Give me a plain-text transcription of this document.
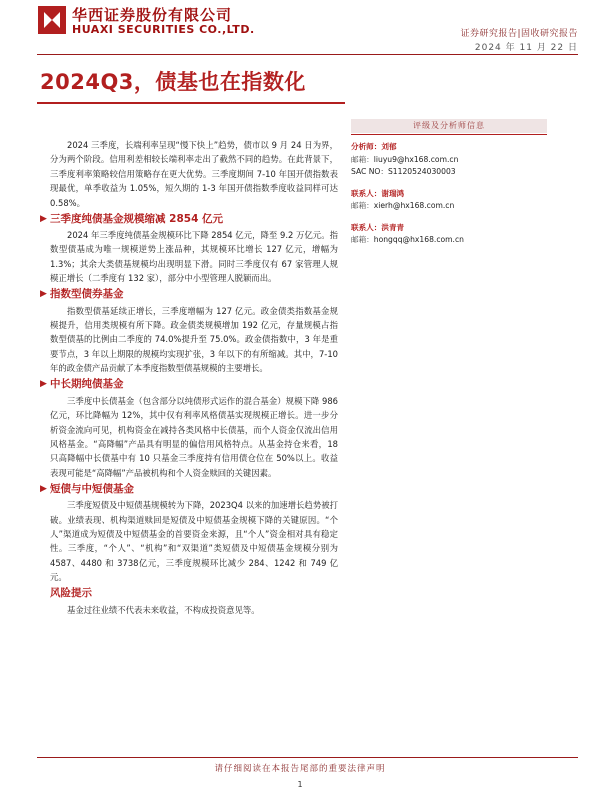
华西证券股份有限公司
HUAXI SECURITIES CO.,LTD.	证券研究报告|固收研究报告
2024 年 11 月 22 日
2024Q3，债基也在指数化

2024 三季度，长端利率呈现“慢下快上”趋势，债市以 9 月 24 日为界，分为两个阶段。信用利差相较长端利率走出了截然不同的趋势。在此背景下，三季度利率策略较信用策略存在更大优势。三季度期间 7-10 年国开债指数表现最优，单季收益为 1.05%，短久期的 1-3 年国开债指数季度收益同样可达 0.58%。

▶ 三季度纯债基金规模缩减 2854 亿元

2024 年三季度纯债基金规模环比下降 2854 亿元，降至 9.2 万亿元。指数型债基成为唯一规模逆势上涨品种，其规模环比增长 127 亿元，增幅为 1.3%；其余大类债基规模均出现明显下滑。同时三季度仅有 67 家管理人规模正增长（二季度有 132 家），部分中小型管理人脱颖而出。

▶ 指数型债券基金

指数型债基延续正增长，三季度增幅为 127 亿元。政金债类指数基金规模提升，信用类规模有所下降。政金债类规模增加 192 亿元，存量规模占指数型债基的比例由二季度的 74.0%提升至 75.0%。政金债指数中，3 年是重要节点，3 年以上期限的规模均实现扩张，3 年以下的有所缩减。其中，7-10 年的政金债产品贡献了本季度指数型债基规模的主要增长。

▶ 中长期纯债基金

三季度中长债基金（包含部分以纯债形式运作的混合基金）规模下降 986 亿元，环比降幅为 12%，其中仅有利率风格债基实现规模正增长。进一步分析资金流向可见，机构资金在减持各类风格中长债基，而个人资金仅流出信用风格基金。“高降幅”产品具有明显的偏信用风格特点。从基金持仓来看，18 只高降幅中长债基中有 10 只基金三季度持有信用债仓位在 50%以上。收益表现可能是“高降幅”产品被机构和个人资金赎回的关键因素。

▶ 短债与中短债基金

三季度短债及中短债基规模转为下降，2023Q4 以来的加速增长趋势被打破。业绩表现、机构渠道赎回是短债及中短债基金规模下降的关键原因。“个人”渠道成为短债及中短债基金的首要资金来源，且“个人”资金相对具有稳定性。三季度，“个人”、“机构”和“双渠道”类短债及中短债基金规模分别为 4587、4480 和 3738亿元，三季度规模环比减少 284、1242 和 749 亿元。

风险提示

基金过往业绩不代表未来收益，不构成投资意见等。

评级及分析师信息
分析师：刘郁
邮箱：liuyu9@hx168.com.cn
SAC NO：S1120524030003
联系人：谢瑞鸿
邮箱：xierh@hx168.com.cn
联系人：洪青青
邮箱：hongqq@hx168.com.cn
请仔细阅读在本报告尾部的重要法律声明
1
